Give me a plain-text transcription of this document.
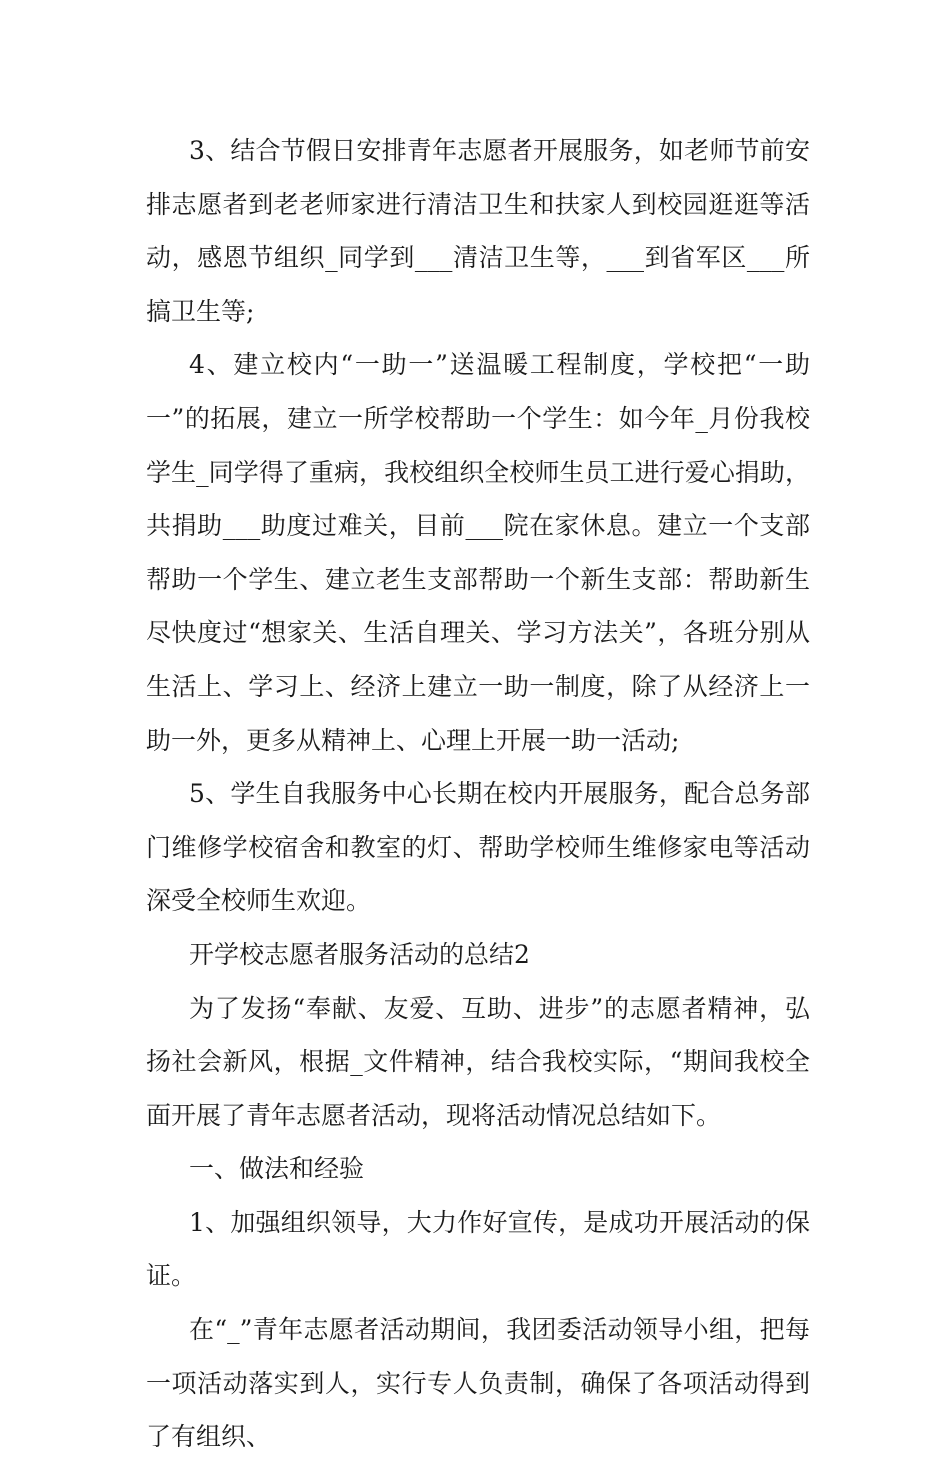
3、结合节假日安排青年志愿者开展服务，如老师节前安排志愿者到老老师家进行清洁卫生和扶家人到校园逛逛等活动，感恩节组织_同学到___清洁卫生等，___到省军区___所搞卫生等;

4、建立校内“一助一”送温暖工程制度，学校把“一助一”的拓展，建立一所学校帮助一个学生：如今年_月份我校学生_同学得了重病，我校组织全校师生员工进行爱心捐助，共捐助___助度过难关，目前___院在家休息。建立一个支部帮助一个学生、建立老生支部帮助一个新生支部：帮助新生尽快度过“想家关、生活自理关、学习方法关”，各班分别从生活上、学习上、经济上建立一助一制度，除了从经济上一助一外，更多从精神上、心理上开展一助一活动;

5、学生自我服务中心长期在校内开展服务，配合总务部门维修学校宿舍和教室的灯、帮助学校师生维修家电等活动深受全校师生欢迎。

开学校志愿者服务活动的总结2

为了发扬“奉献、友爱、互助、进步”的志愿者精神，弘扬社会新风，根据_文件精神，结合我校实际，“期间我校全面开展了青年志愿者活动，现将活动情况总结如下。

一、做法和经验

1、加强组织领导，大力作好宣传，是成功开展活动的保证。

在“_”青年志愿者活动期间，我团委活动领导小组，把每一项活动落实到人，实行专人负责制，确保了各项活动得到了有组织、
